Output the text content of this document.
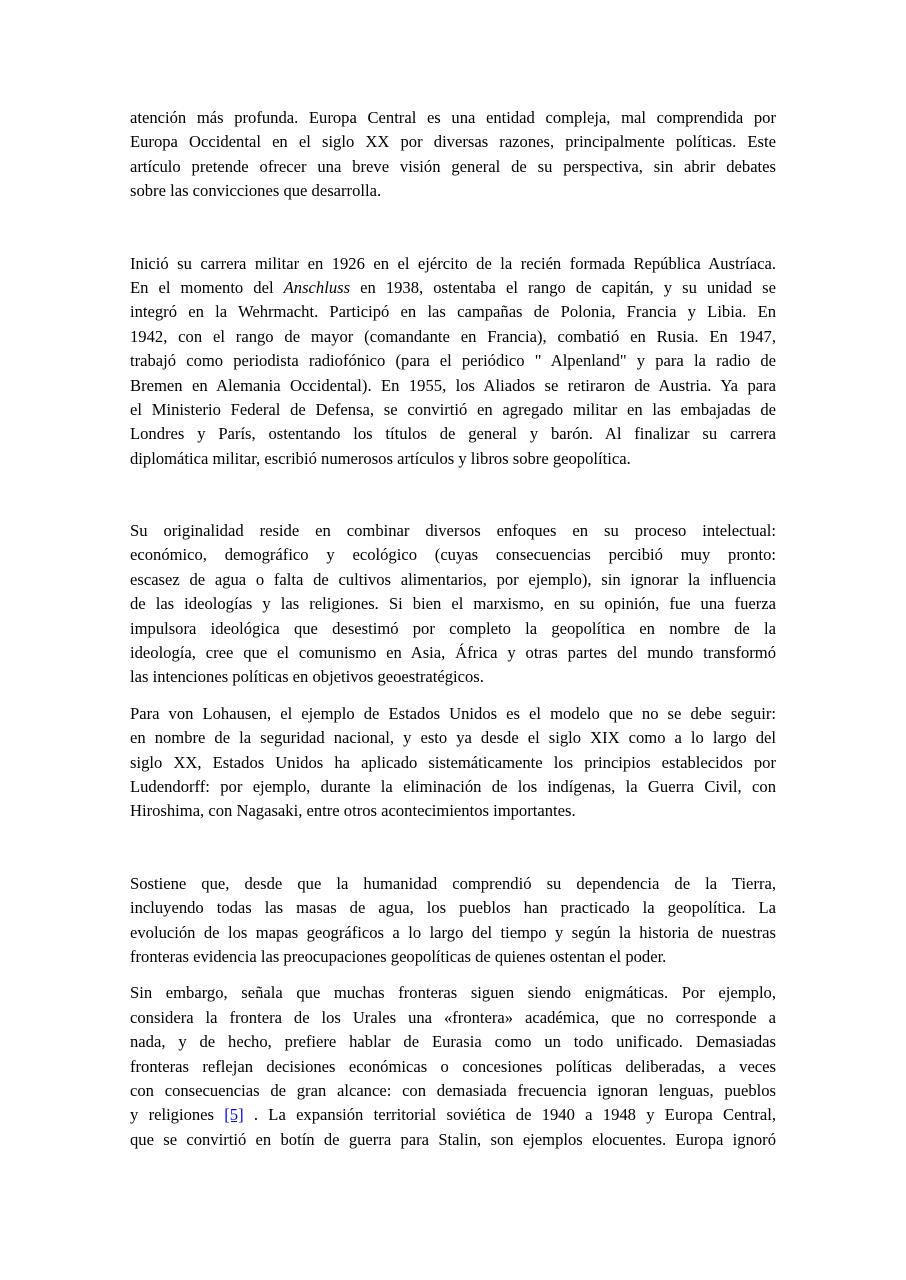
atención más profunda. Europa Central es una entidad compleja, mal comprendida por
Europa Occidental en el siglo XX por diversas razones, principalmente políticas. Este
artículo pretende ofrecer una breve visión general de su perspectiva, sin abrir debates
sobre las convicciones que desarrolla.
Inició su carrera militar en 1926 en el ejército de la recién formada República Austríaca.
En el momento del Anschluss en 1938, ostentaba el rango de capitán, y su unidad se
integró en la Wehrmacht. Participó en las campañas de Polonia, Francia y Libia. En
1942, con el rango de mayor (comandante en Francia), combatió en Rusia. En 1947,
trabajó como periodista radiofónico (para el periódico " Alpenland" y para la radio de
Bremen en Alemania Occidental). En 1955, los Aliados se retiraron de Austria. Ya para
el Ministerio Federal de Defensa, se convirtió en agregado militar en las embajadas de
Londres y París, ostentando los títulos de general y barón. Al finalizar su carrera
diplomática militar, escribió numerosos artículos y libros sobre geopolítica.
Su originalidad reside en combinar diversos enfoques en su proceso intelectual:
económico, demográfico y ecológico (cuyas consecuencias percibió muy pronto:
escasez de agua o falta de cultivos alimentarios, por ejemplo), sin ignorar la influencia
de las ideologías y las religiones. Si bien el marxismo, en su opinión, fue una fuerza
impulsora ideológica que desestimó por completo la geopolítica en nombre de la
ideología, cree que el comunismo en Asia, África y otras partes del mundo transformó
las intenciones políticas en objetivos geoestratégicos.
Para von Lohausen, el ejemplo de Estados Unidos es el modelo que no se debe seguir:
en nombre de la seguridad nacional, y esto ya desde el siglo XIX como a lo largo del
siglo XX, Estados Unidos ha aplicado sistemáticamente los principios establecidos por
Ludendorff: por ejemplo, durante la eliminación de los indígenas, la Guerra Civil, con
Hiroshima, con Nagasaki, entre otros acontecimientos importantes.
Sostiene que, desde que la humanidad comprendió su dependencia de la Tierra,
incluyendo todas las masas de agua, los pueblos han practicado la geopolítica. La
evolución de los mapas geográficos a lo largo del tiempo y según la historia de nuestras
fronteras evidencia las preocupaciones geopolíticas de quienes ostentan el poder.
Sin embargo, señala que muchas fronteras siguen siendo enigmáticas. Por ejemplo,
considera la frontera de los Urales una «frontera» académica, que no corresponde a
nada, y de hecho, prefiere hablar de Eurasia como un todo unificado. Demasiadas
fronteras reflejan decisiones económicas o concesiones políticas deliberadas, a veces
con consecuencias de gran alcance: con demasiada frecuencia ignoran lenguas, pueblos
y religiones [5] . La expansión territorial soviética de 1940 a 1948 y Europa Central,
que se convirtió en botín de guerra para Stalin, son ejemplos elocuentes. Europa ignoró
